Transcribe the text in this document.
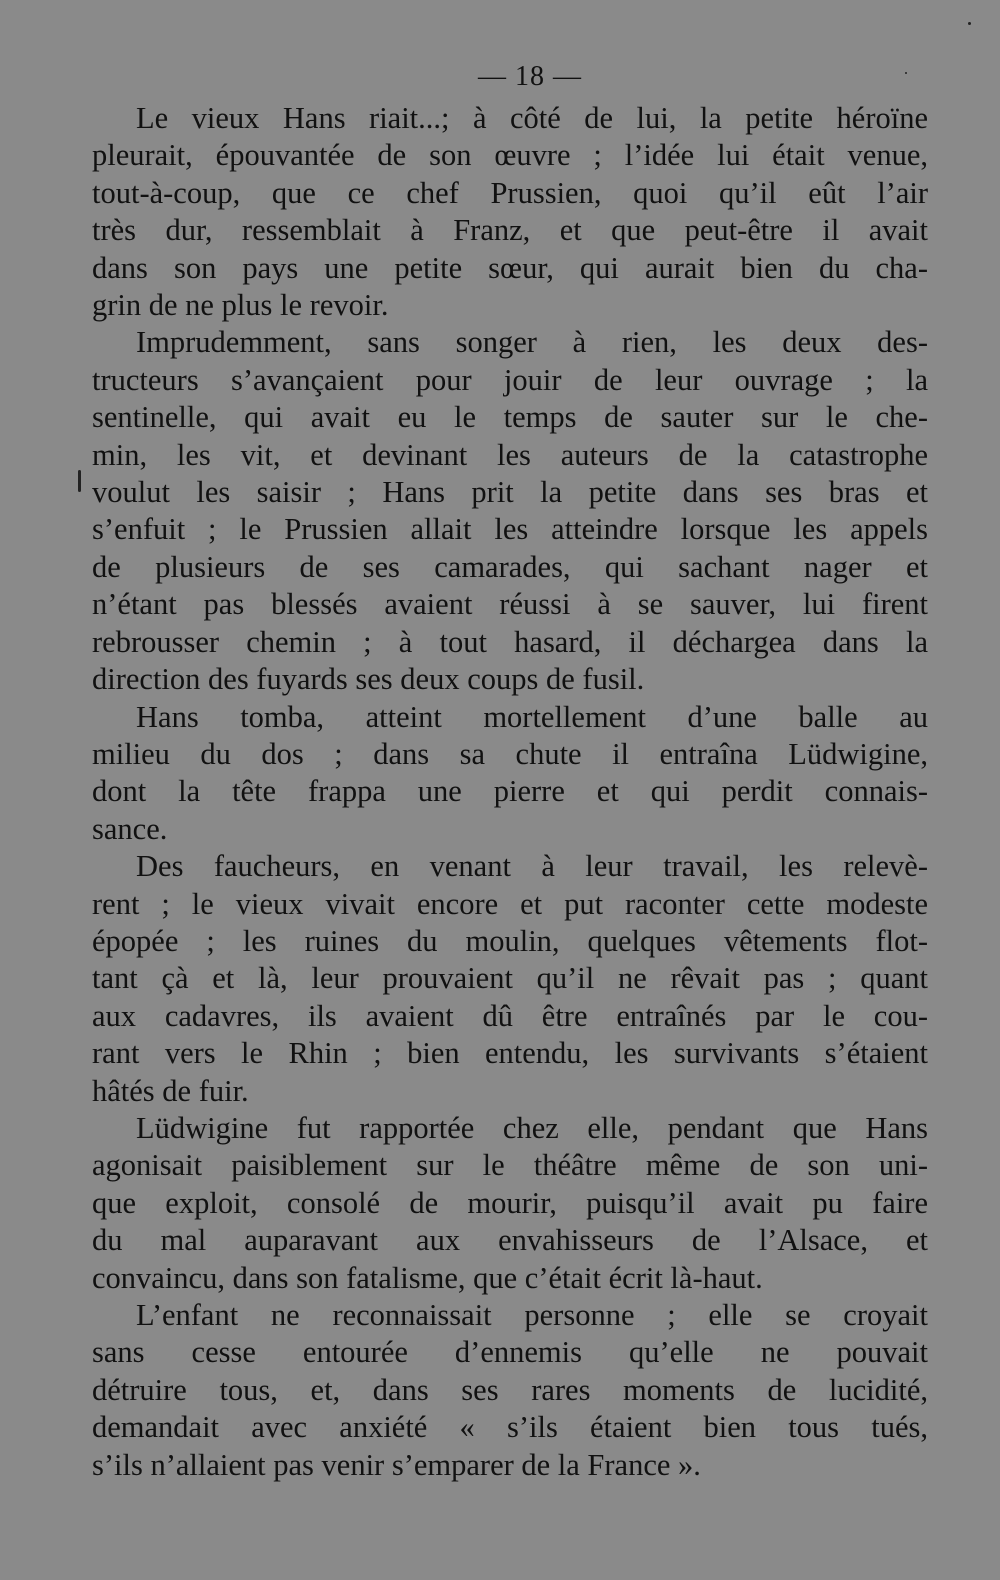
— 18 —

Le vieux Hans riait...; à côté de lui, la petite héroïne
pleurait, épouvantée de son œuvre ; l’idée lui était venue,
tout-à-coup, que ce chef Prussien, quoi qu’il eût l’air
très dur, ressemblait à Franz, et que peut-être il avait
dans son pays une petite sœur, qui aurait bien du cha-
grin de ne plus le revoir.

Imprudemment, sans songer à rien, les deux des-
tructeurs s’avançaient pour jouir de leur ouvrage ; la
sentinelle, qui avait eu le temps de sauter sur le che-
min, les vit, et devinant les auteurs de la catastrophe
voulut les saisir ; Hans prit la petite dans ses bras et
s’enfuit ; le Prussien allait les atteindre lorsque les appels
de plusieurs de ses camarades, qui sachant nager et
n’étant pas blessés avaient réussi à se sauver, lui firent
rebrousser chemin ; à tout hasard, il déchargea dans la
direction des fuyards ses deux coups de fusil.

Hans tomba, atteint mortellement d’une balle au
milieu du dos ; dans sa chute il entraîna Lüdwigine,
dont la tête frappa une pierre et qui perdit connais-
sance.

Des faucheurs, en venant à leur travail, les relevè-
rent ; le vieux vivait encore et put raconter cette modeste
épopée ; les ruines du moulin, quelques vêtements flot-
tant çà et là, leur prouvaient qu’il ne rêvait pas ; quant
aux cadavres, ils avaient dû être entraînés par le cou-
rant vers le Rhin ; bien entendu, les survivants s’étaient
hâtés de fuir.

Lüdwigine fut rapportée chez elle, pendant que Hans
agonisait paisiblement sur le théâtre même de son uni-
que exploit, consolé de mourir, puisqu’il avait pu faire
du mal auparavant aux envahisseurs de l’Alsace, et
convaincu, dans son fatalisme, que c’était écrit là-haut.

L’enfant ne reconnaissait personne ; elle se croyait
sans cesse entourée d’ennemis qu’elle ne pouvait
détruire tous, et, dans ses rares moments de lucidité,
demandait avec anxiété « s’ils étaient bien tous tués,
s’ils n’allaient pas venir s’emparer de la France ».
